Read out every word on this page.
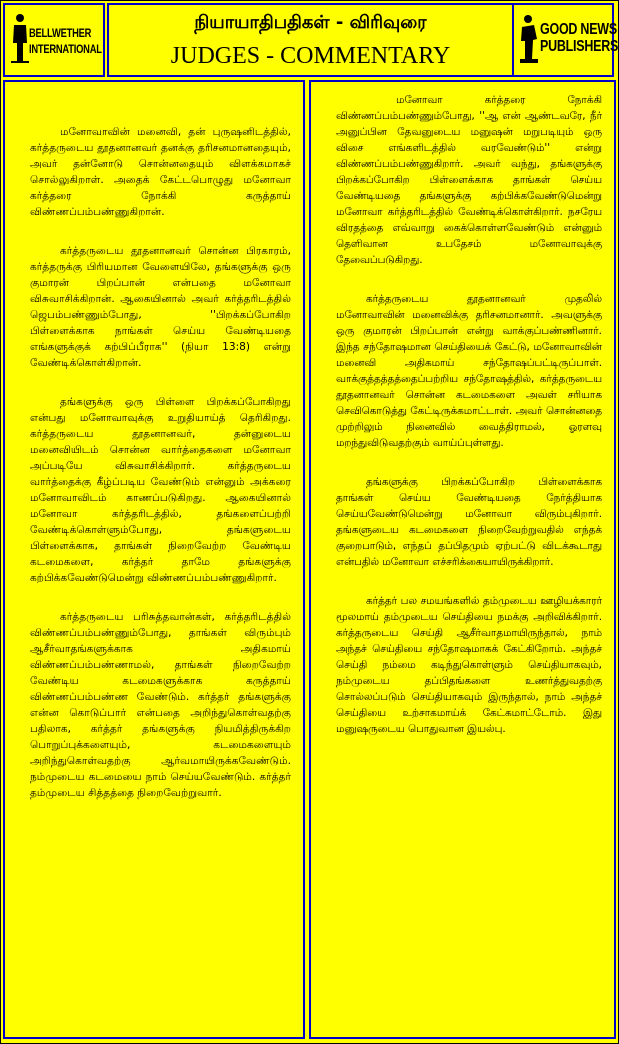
BELLWETHER
INTERNATIONAL
நியாயாதிபதிகள் - விரிவுரை
JUDGES - COMMENTARY
GOOD NEWS
PUBLISHERS

மனோவாவின் மனைவி, தன் புருஷனிடத்தில், கர்த்தருடைய தூதனானவர் தனக்கு தரிசனமானதையும், அவர் தன்னோடு சொன்னதையும் விளக்கமாகச் சொல்லுகிறாள். அதைக் கேட்டபொழுது மனோவா கர்த்தரை நோக்கி கருத்தாய் விண்ணப்பம்பண்ணுகிறான்.

கர்த்தருடைய தூதனானவர் சொன்ன பிரகாரம், கர்த்தருக்கு பிரியமான வேளையிலே, தங்களுக்கு ஒரு குமாரன் பிறப்பான் என்பதை மனோவா விசுவாசிக்கிறான். ஆகையினால் அவர் கர்த்தரிடத்தில் ஜெபம்பண்ணும்போது, ''பிறக்கப்போகிற பிள்ளைக்காக நாங்கள் செய்ய வேண்டியதை எங்களுக்குக் கற்பிப்பீராக'' (நியா 13:8) என்று வேண்டிக்கொள்கிறான்.

தங்களுக்கு ஒரு பிள்ளை பிறக்கப்போகிறது என்பது மனோவாவுக்கு உறுதியாய்த் தெரிகிறது. கர்த்தருடைய தூதனானவர், தன்னுடைய மனைவியிடம் சொன்ன வார்த்தைகளை மனோவா அப்படியே விசுவாசிக்கிறார். கர்த்தருடைய வார்த்தைக்கு கீழ்ப்படிய வேண்டும் என்னும் அக்கரை மனோவாவிடம் காணப்படுகிறது. ஆகையினால் மனோவா கர்த்தரிடத்தில், தங்களைப்பற்றி வேண்டிக்கொள்ளும்போது, தங்களுடைய பிள்ளைக்காக, தாங்கள் நிறைவேற்ற வேண்டிய கடமைகளை, கர்த்தர் தாமே தங்களுக்கு கற்பிக்கவேண்டுமென்று விண்ணப்பம்பண்ணுகிறார்.

கர்த்தருடைய பரிசுத்தவான்கள், கர்த்தரிடத்தில் விண்ணப்பம்பண்ணும்போது, தாங்கள் விரும்பும் ஆசீர்வாதங்களுக்காக அதிகமாய் விண்ணப்பம்பண்ணாமல், தாங்கள் நிறைவேற்ற வேண்டிய கடமைகளுக்காக கருத்தாய் விண்ணப்பம்பண்ண வேண்டும். கர்த்தர் தங்களுக்கு என்ன கொடுப்பார் என்பதை அறிந்துகொள்வதற்கு பதிலாக, கர்த்தர் தங்களுக்கு நியமித்திருக்கிற பொறுப்புக்களையும், கடமைகளையும் அறிந்துகொள்வதற்கு ஆர்வமாயிருக்கவேண்டும். நம்முடைய கடமையை நாம் செய்யவேண்டும். கர்த்தர் தம்முடைய சித்தத்தை நிறைவேற்றுவார்.

மனோவா கர்த்தரை நோக்கி விண்ணப்பம்பண்ணும்போது, ''ஆ என் ஆண்டவரே, நீர் அனுப்பின தேவனுடைய மனுஷன் மறுபடியும் ஒரு விசை எங்களிடத்தில் வரவேண்டும்'' என்று விண்ணப்பம்பண்ணுகிறார். அவர் வந்து, தங்களுக்கு பிறக்கப்போகிற பிள்ளைக்காக தாங்கள் செய்ய வேண்டியதை தங்களுக்கு கற்பிக்கவேண்டுமென்று மனோவா கர்த்தரிடத்தில் வேண்டிக்கொள்கிறார். நசரேய விரதத்தை எவ்வாறு கைக்கொள்ளவேண்டும் என்னும் தெளிவான உபதேசம் மனோவாவுக்கு தேவைப்படுகிறது.

கர்த்தருடைய தூதனானவர் முதலில் மனோவாவின் மனைவிக்கு தரிசனமானார். அவளுக்கு ஒரு குமாரன் பிறப்பான் என்று வாக்குப்பண்ணினார். இந்த சந்தோஷமான செய்தியைக் கேட்டு, மனோவாவின் மனைவி அதிகமாய் சந்தோஷப்பட்டிருப்பாள். வாக்குத்தத்தத்தைப்பற்றிய சந்தோஷத்தில், கர்த்தருடைய தூதனானவர் சொன்ன கடமைகளை அவள் சரியாக செவிகொடுத்து கேட்டிருக்கமாட்டாள். அவர் சொன்னதை முற்றிலும் நினைவில் வைத்திராமல், ஓரளவு மறந்துவிடுவதற்கும் வாய்ப்புள்ளது.

தங்களுக்கு பிறக்கப்போகிற பிள்ளைக்காக தாங்கள் செய்ய வேண்டியதை நேர்த்தியாக செய்யவேண்டுமென்று மனோவா விரும்புகிறார். தங்களுடைய கடமைகளை நிறைவேற்றுவதில் எந்தக் குறைபாடும், எந்தப் தப்பிதமும் ஏற்பட்டு விடக்கூடாது என்பதில் மனோவா எச்சரிக்கையாயிருக்கிறார்.

கர்த்தர் பல சமயங்களில் தம்முடைய ஊழியக்காரர் மூலமாய் தம்முடைய செய்தியை நமக்கு அறிவிக்கிறார். கர்த்தருடைய செய்தி ஆசீர்வாதமாயிருந்தால், நாம் அந்தச் செய்தியை சந்தோஷமாகக் கேட்கிறோம். அந்தச் செய்தி நம்மை கடிந்துகொள்ளும் செய்தியாகவும், நம்முடைய தப்பிதங்களை உணர்த்துவதற்கு சொல்லப்படும் செய்தியாகவும் இருந்தால், நாம் அந்தச் செய்தியை உற்சாகமாய்க் கேட்கமாட்டோம். இது மனுஷருடைய பொதுவான இயல்பு.
